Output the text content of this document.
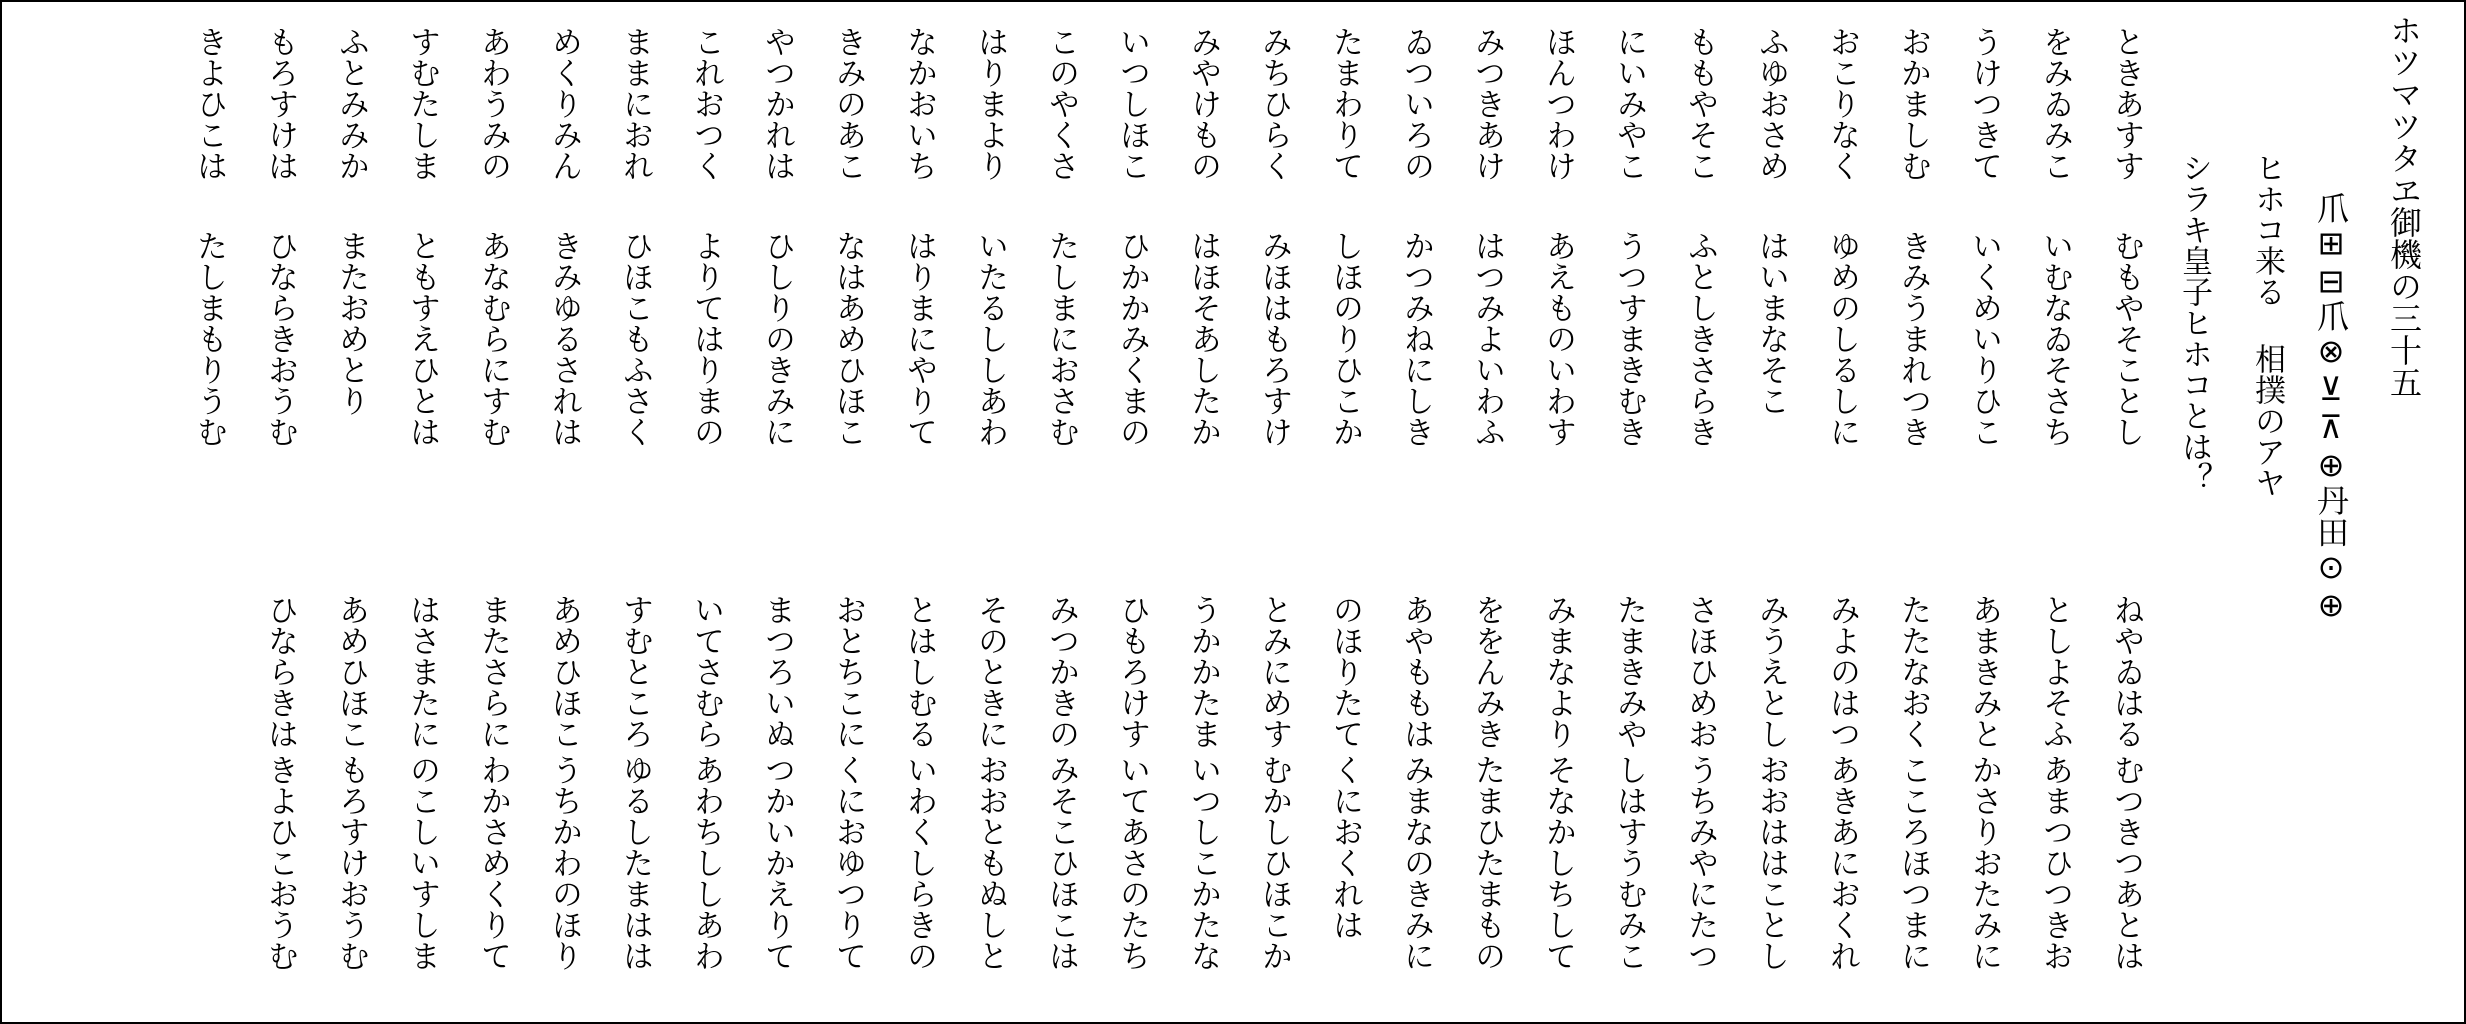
ホツマツタヱ御機の三十五
爪⊞⊟爪⊗⊻⊼⊕丹田⊙⊕
ヒホコ来る 相撲のアヤ
シラキ皇子ヒホコとは？
ときあすす
むもやそことし
ねやゐはる
むつきつあとは
をみゐみこ
いむなゐそさち
としよそふ
あまつひつきお
うけつきて
いくめいりひこ
あまきみと
かさりおたみに
おかましむ
きみうまれつき
たたなおく
こころほつまに
おこりなく
ゆめのしるしに
みよのはつ
あきあにおくれ
ふゆおさめ
はいまなそこ
みうえとし
おおははことし
ももやそこ
ふとしきさらき
さほひめお
うちみやにたつ
にいみやこ
うつすまきむき
たまきみや
しはすうむみこ
ほんつわけ
あえものいわす
みまなより
そなかしちして
みつきあけ
はつみよいわふ
ををんみき
たまひたまもの
ゐついろの
かつみねにしき
あやももは
みまなのきみに
たまわりて
しほのりひこか
のほりたて
くにおくれは
みちひらく
みほはもろすけ
とみにめす
むかしひほこか
みやけもの
はほそあしたか
うかかたま
いつしこかたな
いつしほこ
ひかかみくまの
ひもろけす
いてあさのたち
このやくさ
たしまにおさむ
みつかきの
みそこひほこは
はりまより
いたるししあわ
そのときに
おおともぬしと
なかおいち
はりまにやりて
とはしむる
いわくしらきの
きみのあこ
なはあめひほこ
おとちこに
くにおゆつりて
やつかれは
ひしりのきみに
まつろいぬ
つかいかえりて
これおつく
よりてはりまの
いてさむら
あわちししあわ
ままにおれ
ひほこもふさく
すむところ
ゆるしたまはは
めくりみん
きみゆるされは
あめひほこ
うちかわのほり
あわうみの
あなむらにすむ
またさらに
わかさめくりて
すむたしま
ともすえひとは
はさまたに
のこしいすしま
ふとみみか
またおめとり
あめひほこ
もろすけおうむ
もろすけは
ひならきおうむ
ひならきは
きよひこおうむ
きよひこは
たしまもりうむ
